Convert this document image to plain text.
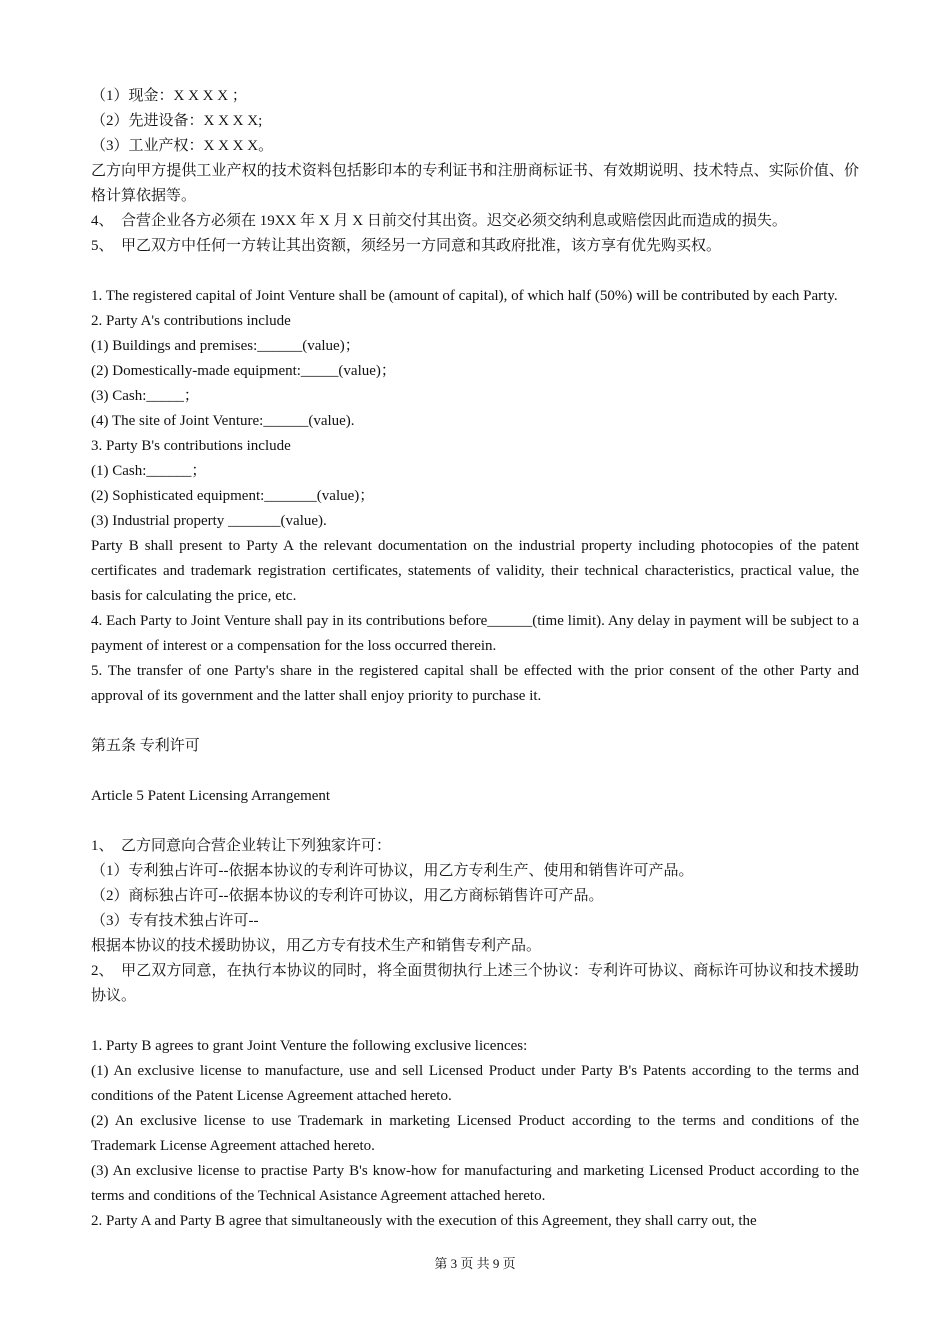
（1）现金：X X X X ；

（2）先进设备：X X X X;

（3）工业产权：X X X X。

乙方向甲方提供工业产权的技术资料包括影印本的专利证书和注册商标证书、有效期说明、技术特点、实际价值、价格计算依据等。

4、　合营企业各方必须在 19XX 年 X 月 X 日前交付其出资。迟交必须交纳利息或赔偿因此而造成的损失。

5、　甲乙双方中任何一方转让其出资额，须经另一方同意和其政府批准，该方享有优先购买权。

1. The registered capital of Joint Venture shall be (amount of capital), of which half (50%) will be contributed by each Party.

2. Party A's contributions include

(1) Buildings and premises:______(value)；

(2) Domestically-made equipment:_____(value)；

(3) Cash:_____；

(4) The site of Joint Venture:______(value).

3. Party B's contributions include

(1) Cash:______；

(2) Sophisticated equipment:_______(value)；

(3) Industrial property _______(value).

Party B shall present to Party A the relevant documentation on the industrial property including photocopies of the patent certificates and trademark registration certificates, statements of validity, their technical characteristics, practical value, the basis for calculating the price, etc.

4. Each Party to Joint Venture shall pay in its contributions before______(time limit). Any delay in payment will be subject to a payment of interest or a compensation for the loss occurred therein.

5. The transfer of one Party's share in the registered capital shall be effected with the prior consent of the other Party and approval of its government and the latter shall enjoy priority to purchase it.

第五条 专利许可

Article 5 Patent Licensing Arrangement

1、　乙方同意向合营企业转让下列独家许可：

（1）专利独占许可--依据本协议的专利许可协议，用乙方专利生产、使用和销售许可产品。

（2）商标独占许可--依据本协议的专利许可协议，用乙方商标销售许可产品。

（3）专有技术独占许可--

根据本协议的技术援助协议，用乙方专有技术生产和销售专利产品。

2、　甲乙双方同意，在执行本协议的同时，将全面贯彻执行上述三个协议：专利许可协议、商标许可协议和技术援助协议。

1. Party B agrees to grant Joint Venture the following exclusive licences:

(1) An exclusive license to manufacture, use and sell Licensed Product under Party B's Patents according to the terms and conditions of the Patent License Agreement attached hereto.

(2) An exclusive license to use Trademark in marketing Licensed Product according to the terms and conditions of the Trademark License Agreement attached hereto.

(3) An exclusive license to practise Party B's know-how for manufacturing and marketing Licensed Product according to the terms and conditions of the Technical Asistance Agreement attached hereto.

2. Party A and Party B agree that simultaneously with the execution of this Agreement, they shall carry out, the

第 3 页 共 9 页
